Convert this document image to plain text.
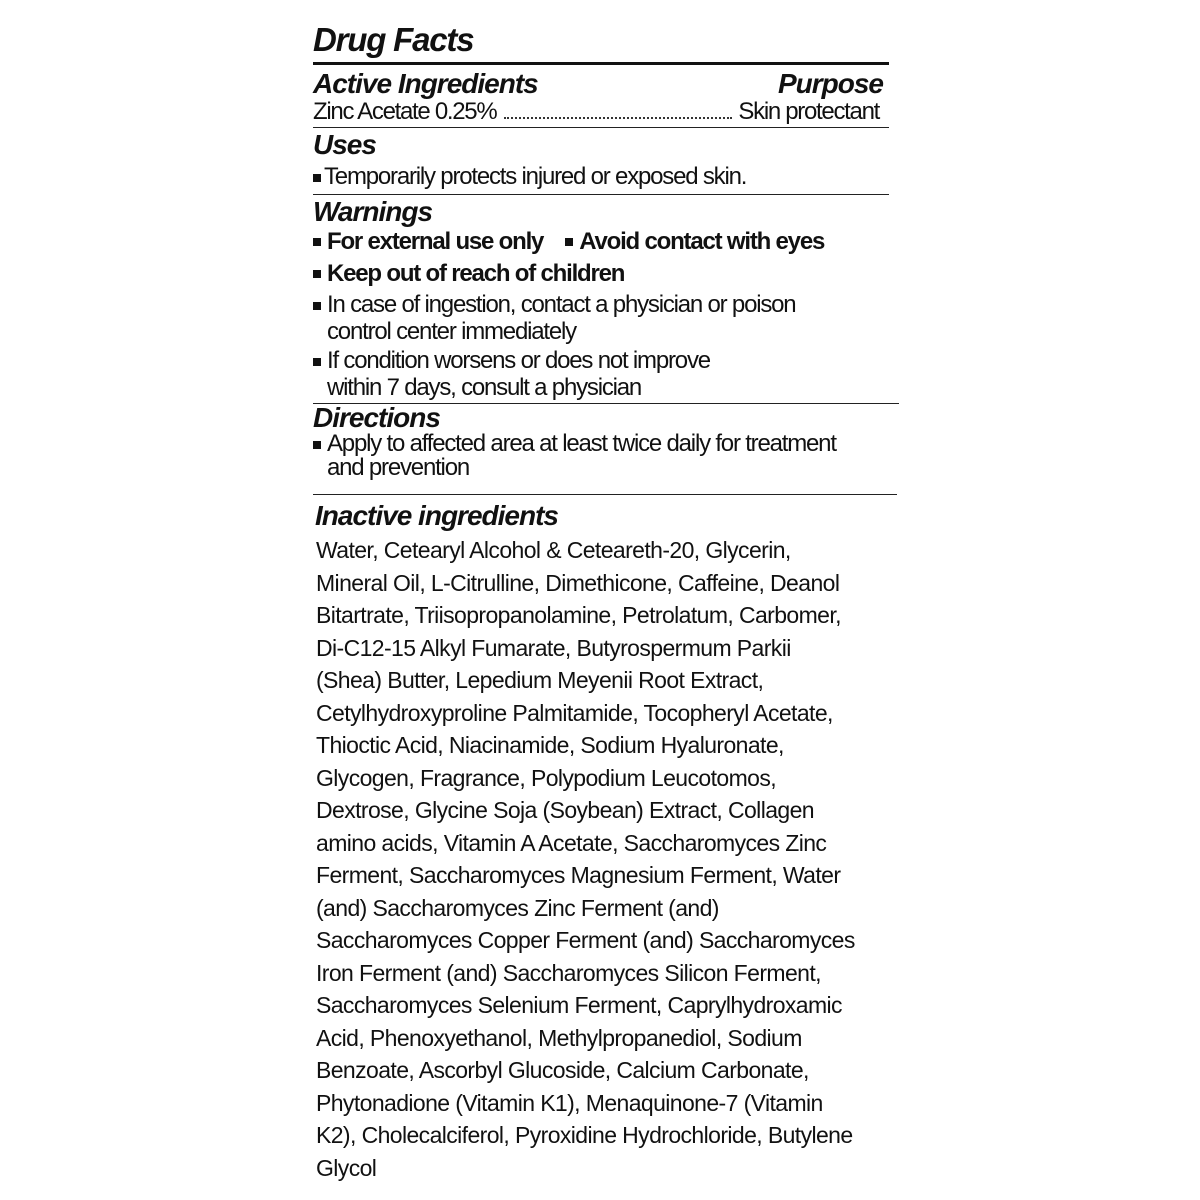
Drug Facts
Active Ingredients	Purpose
Zinc Acetate 0.25%	Skin protectant
Uses
Temporarily protects injured or exposed skin.
Warnings
For external use only Avoid contact with eyes
Keep out of reach of children
In case of ingestion, contact a physician or poison
control center immediately
If condition worsens or does not improve
within 7 days, consult a physician
Directions
Apply to affected area at least twice daily for treatment
and prevention
Inactive ingredients
Water, Cetearyl Alcohol & Ceteareth-20, Glycerin,
Mineral Oil, L-Citrulline, Dimethicone, Caffeine, Deanol
Bitartrate, Triisopropanolamine, Petrolatum, Carbomer,
Di-C12-15 Alkyl Fumarate, Butyrospermum Parkii
(Shea) Butter, Lepedium Meyenii Root Extract,
Cetylhydroxyproline Palmitamide, Tocopheryl Acetate,
Thioctic Acid, Niacinamide, Sodium Hyaluronate,
Glycogen, Fragrance, Polypodium Leucotomos,
Dextrose, Glycine Soja (Soybean) Extract, Collagen
amino acids, Vitamin A Acetate, Saccharomyces Zinc
Ferment, Saccharomyces Magnesium Ferment, Water
(and) Saccharomyces Zinc Ferment (and)
Saccharomyces Copper Ferment (and) Saccharomyces
Iron Ferment (and) Saccharomyces Silicon Ferment,
Saccharomyces Selenium Ferment, Caprylhydroxamic
Acid, Phenoxyethanol, Methylpropanediol, Sodium
Benzoate, Ascorbyl Glucoside, Calcium Carbonate,
Phytonadione (Vitamin K1), Menaquinone-7 (Vitamin
K2), Cholecalciferol, Pyroxidine Hydrochloride, Butylene
Glycol
